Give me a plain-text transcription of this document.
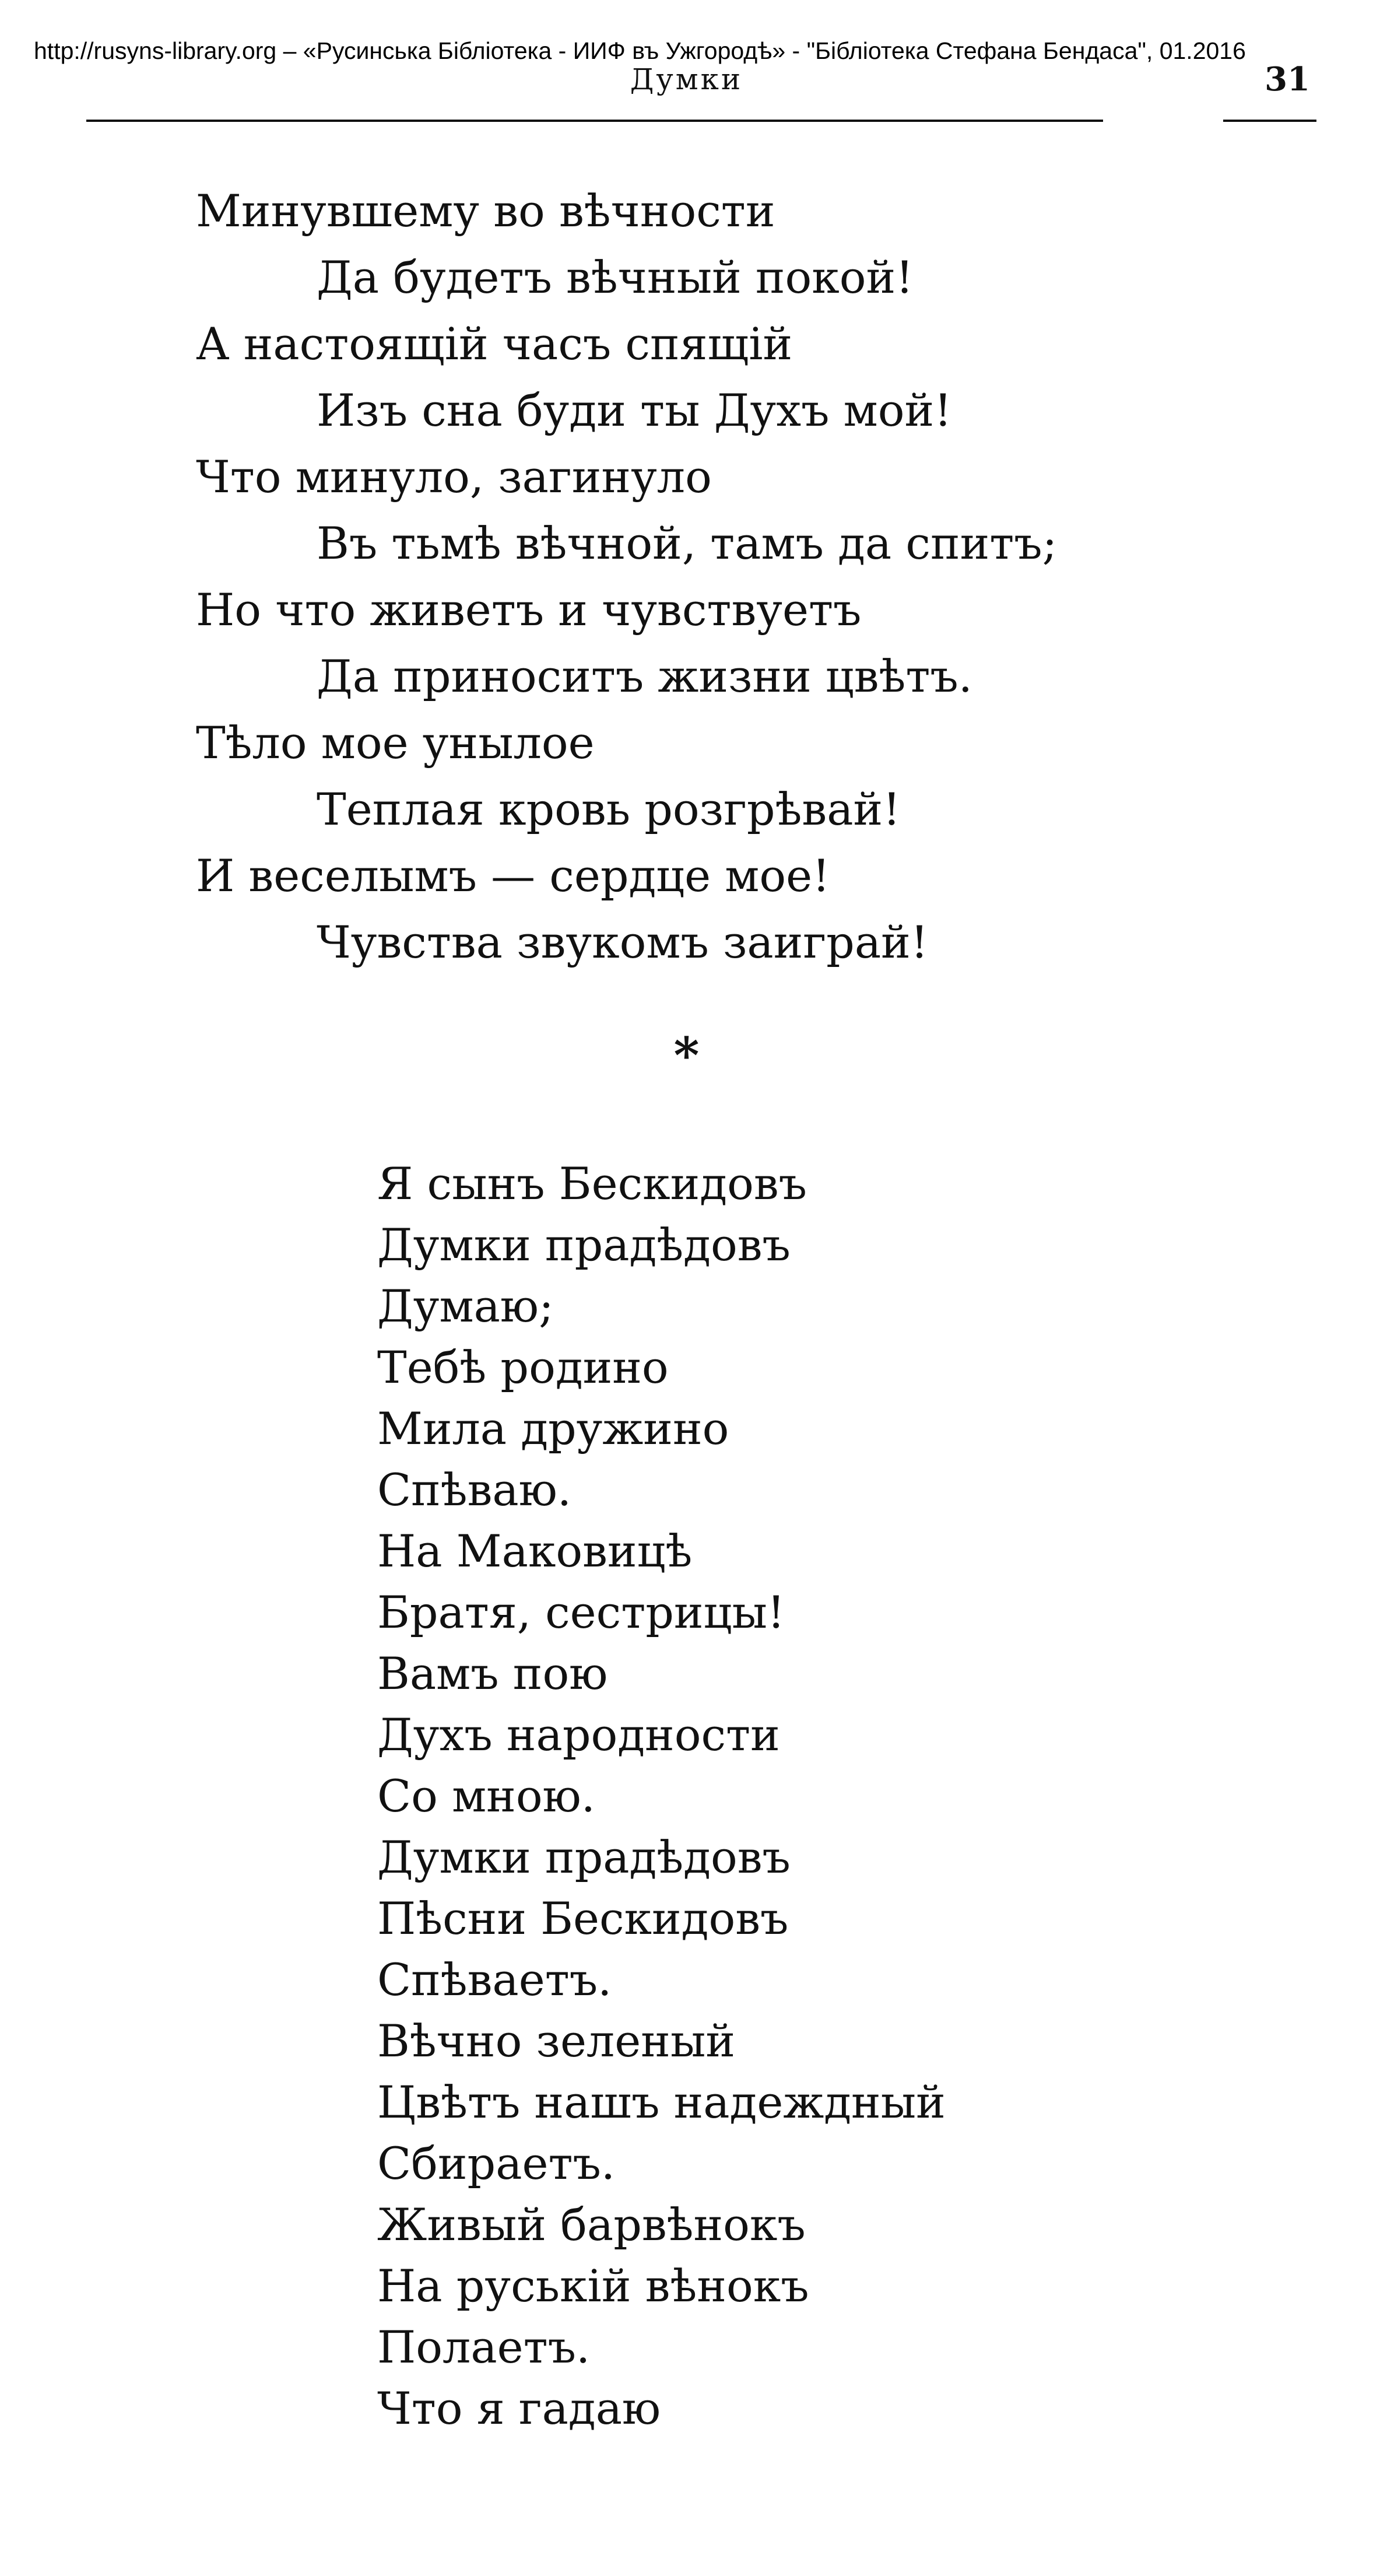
http://rusyns-library.org – «Русинська Бібліотека - ИИФ въ Ужгородѣ» - "Бібліотека Стефана Бендаса", 01.2016
Думки	31
Минувшему во вѣчности
Да будетъ вѣчный покой!
А настоящій часъ спящій
Изъ сна буди ты Духъ мой!
Что минуло, загинуло
Въ тьмѣ вѣчной, тамъ да спитъ;
Но что живетъ и чувствуетъ
Да приноситъ жизни цвѣтъ.
Тѣло мое унылое
Теплая кровь розгрѣвай!
И веселымъ — сердце мое!
Чувства звукомъ заиграй!
*
Я сынъ Бескидовъ
Думки прадѣдовъ
Думаю;
Тебѣ родино
Мила дружино
Спѣваю.
На Маковицѣ
Братя, сестрицы!
Вамъ пою
Духъ народности
Со мною.
Думки прадѣдовъ
Пѣсни Бескидовъ
Спѣваетъ.
Вѣчно зеленый
Цвѣтъ нашъ надеждный
Сбираетъ.
Живый барвѣнокъ
На руській вѣнокъ
Полаетъ.
Что я гадаю
